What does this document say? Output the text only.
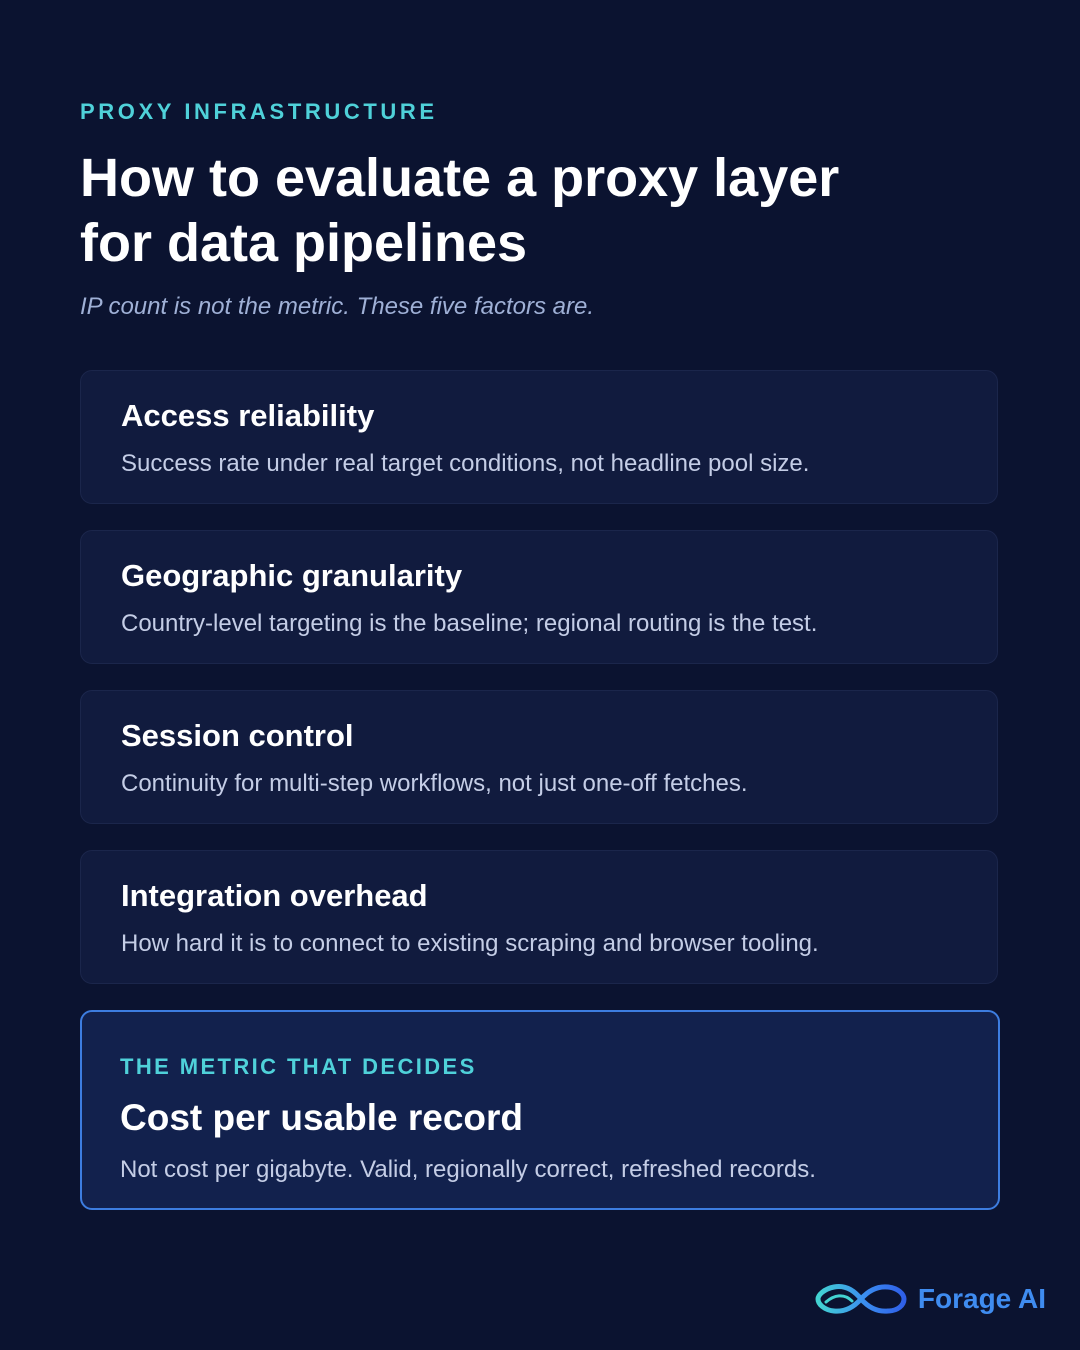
PROXY INFRASTRUCTURE
How to evaluate a proxy layer for data pipelines
IP count is not the metric. These five factors are.
Access reliability
Success rate under real target conditions, not headline pool size.
Geographic granularity
Country-level targeting is the baseline; regional routing is the test.
Session control
Continuity for multi-step workflows, not just one-off fetches.
Integration overhead
How hard it is to connect to existing scraping and browser tooling.
THE METRIC THAT DECIDES
Cost per usable record
Not cost per gigabyte. Valid, regionally correct, refreshed records.
Forage AI
